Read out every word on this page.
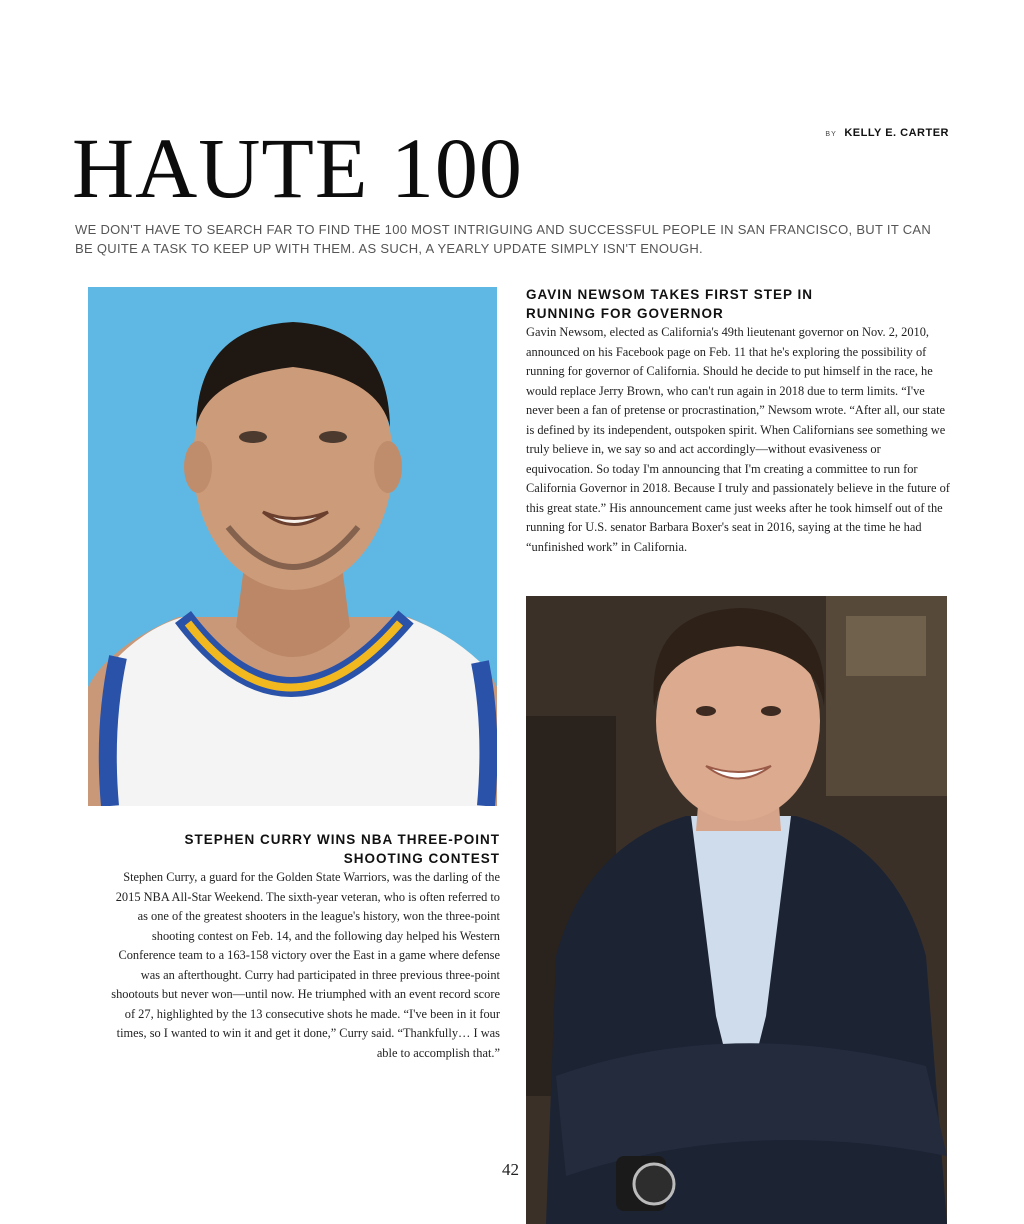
BY KELLY E. CARTER
HAUTE 100

WE DON'T HAVE TO SEARCH FAR TO FIND THE 100 MOST INTRIGUING AND SUCCESSFUL PEOPLE IN SAN FRANCISCO, BUT IT CAN BE QUITE A TASK TO KEEP UP WITH THEM. AS SUCH, A YEARLY UPDATE SIMPLY ISN'T ENOUGH.

GAVIN NEWSOM TAKES FIRST STEP IN RUNNING FOR GOVERNOR

Gavin Newsom, elected as California's 49th lieutenant governor on Nov. 2, 2010, announced on his Facebook page on Feb. 11 that he's exploring the possibility of running for governor of California. Should he decide to put himself in the race, he would replace Jerry Brown, who can't run again in 2018 due to term limits. “I've never been a fan of pretense or procrastination,” Newsom wrote. “After all, our state is defined by its independent, outspoken spirit. When Californians see something we truly believe in, we say so and act accordingly—without evasiveness or equivocation. So today I'm announcing that I'm creating a committee to run for California Governor in 2018. Because I truly and passionately believe in the future of this great state.” His announcement came just weeks after he took himself out of the running for U.S. senator Barbara Boxer's seat in 2016, saying at the time he had “unfinished work” in California.

STEPHEN CURRY WINS NBA THREE-POINT SHOOTING CONTEST

Stephen Curry, a guard for the Golden State Warriors, was the darling of the 2015 NBA All-Star Weekend. The sixth-year veteran, who is often referred to as one of the greatest shooters in the league's history, won the three-point shooting contest on Feb. 14, and the following day helped his Western Conference team to a 163-158 victory over the East in a game where defense was an afterthought. Curry had participated in three previous three-point shootouts but never won—until now. He triumphed with an event record score of 27, highlighted by the 13 consecutive shots he made. “I've been in it four times, so I wanted to win it and get it done,” Curry said. “Thankfully… I was able to accomplish that.”

42
